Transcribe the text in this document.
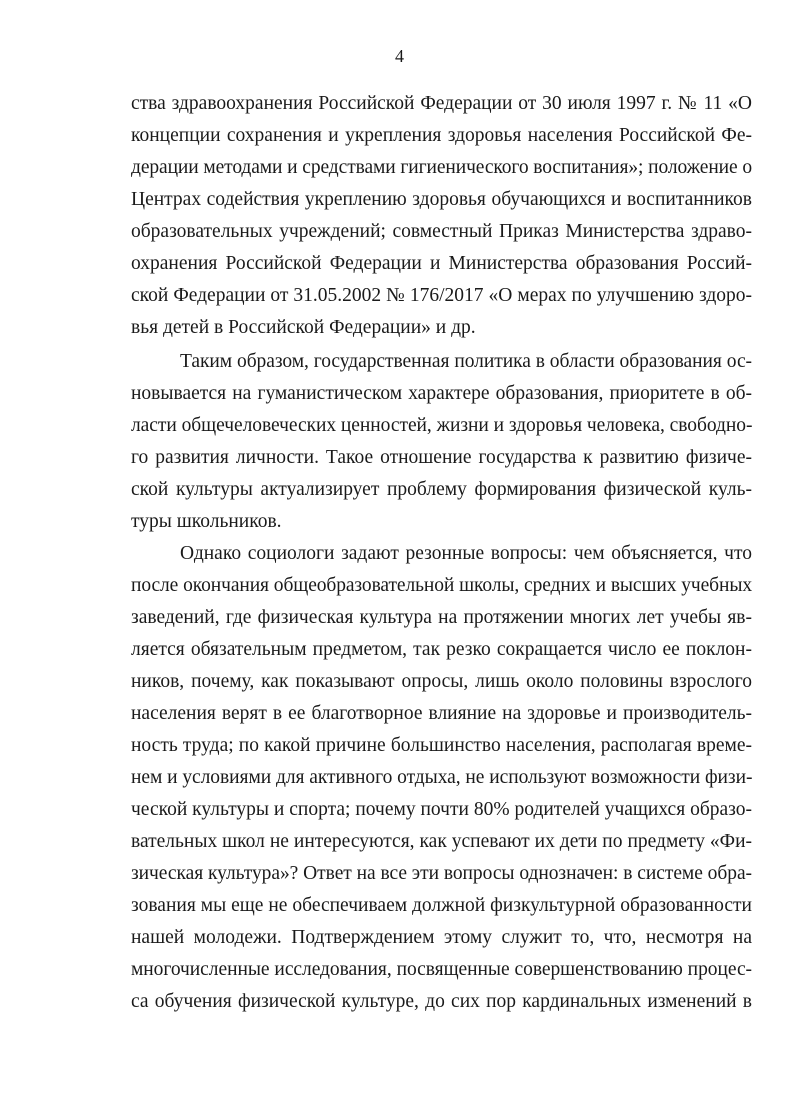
4
ства здравоохранения Российской Федерации от 30 июля 1997 г. № 11 «О
концепции сохранения и укрепления здоровья населения Российской Фе-
дерации методами и средствами гигиенического воспитания»; положение о
Центрах содействия укреплению здоровья обучающихся и воспитанников
образовательных учреждений; совместный Приказ Министерства здраво-
охранения Российской Федерации и Министерства образования Россий-
ской Федерации от 31.05.2002 № 176/2017 «О мерах по улучшению здоро-
вья детей в Российской Федерации» и др.
Таким образом, государственная политика в области образования ос-
новывается на гуманистическом характере образования, приоритете в об-
ласти общечеловеческих ценностей, жизни и здоровья человека, свободно-
го развития личности. Такое отношение государства к развитию физиче-
ской культуры актуализирует проблему формирования физической куль-
туры школьников.
Однако социологи задают резонные вопросы: чем объясняется, что
после окончания общеобразовательной школы, средних и высших учебных
заведений, где физическая культура на протяжении многих лет учебы яв-
ляется обязательным предметом, так резко сокращается число ее поклон-
ников, почему, как показывают опросы, лишь около половины взрослого
населения верят в ее благотворное влияние на здоровье и производитель-
ность труда; по какой причине большинство населения, располагая време-
нем и условиями для активного отдыха, не используют возможности физи-
ческой культуры и спорта; почему почти 80% родителей учащихся образо-
вательных школ не интересуются, как успевают их дети по предмету «Фи-
зическая культура»? Ответ на все эти вопросы однозначен: в системе обра-
зования мы еще не обеспечиваем должной физкультурной образованности
нашей молодежи. Подтверждением этому служит то, что, несмотря на
многочисленные исследования, посвященные совершенствованию процес-
са обучения физической культуре, до сих пор кардинальных изменений в
